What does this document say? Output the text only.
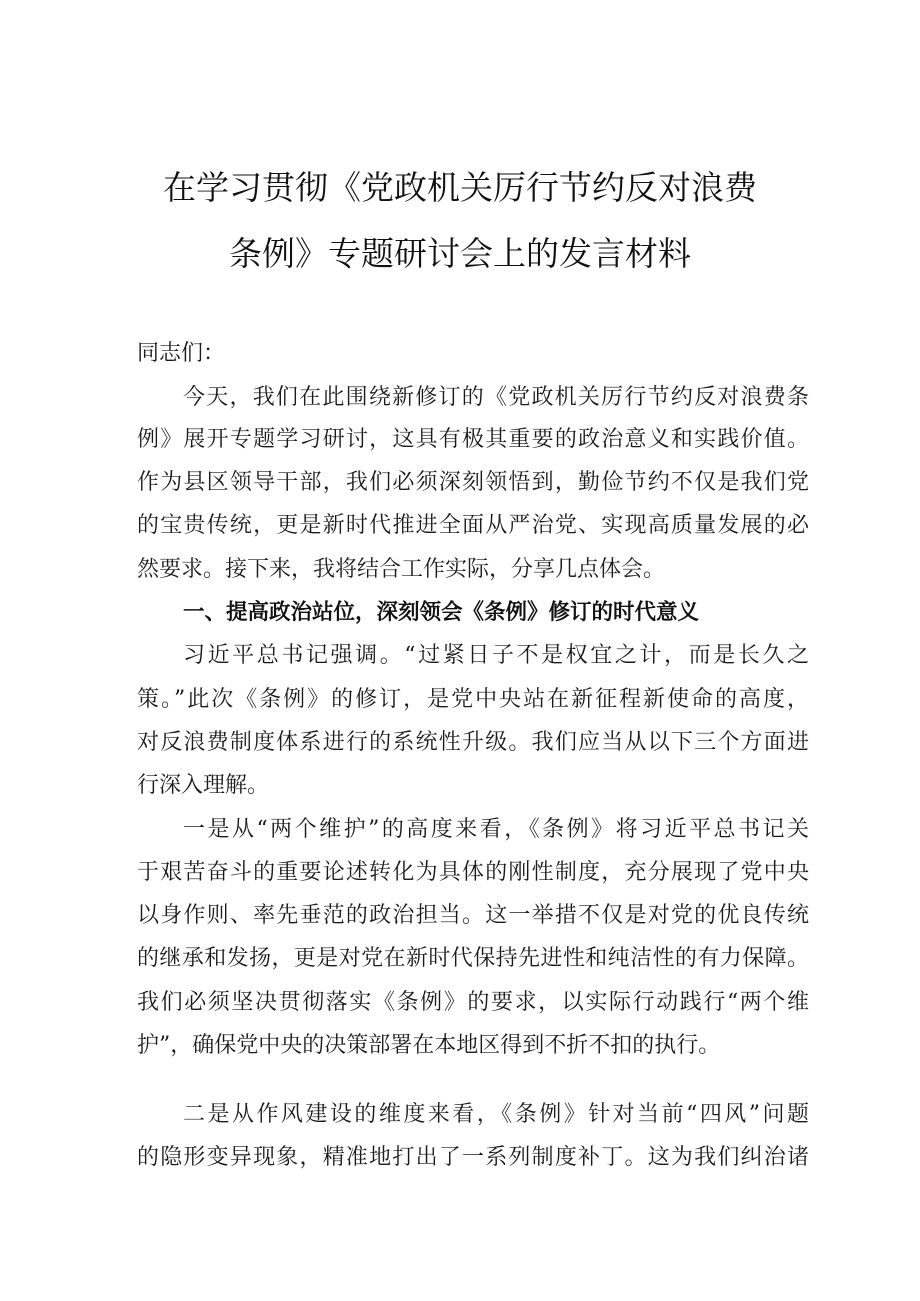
在学习贯彻《党政机关厉行节约反对浪费
条例》专题研讨会上的发言材料
同志们：
今天，我们在此围绕新修订的《党政机关厉行节约反对浪费条
例》展开专题学习研讨，这具有极其重要的政治意义和实践价值。
作为县区领导干部，我们必须深刻领悟到，勤俭节约不仅是我们党
的宝贵传统，更是新时代推进全面从严治党、实现高质量发展的必
然要求。接下来，我将结合工作实际，分享几点体会。
一、提高政治站位，深刻领会《条例》修订的时代意义
习近平总书记强调。“过紧日子不是权宜之计，而是长久之
策。”此次《条例》的修订，是党中央站在新征程新使命的高度，
对反浪费制度体系进行的系统性升级。我们应当从以下三个方面进
行深入理解。
一是从“两个维护”的高度来看，《条例》将习近平总书记关
于艰苦奋斗的重要论述转化为具体的刚性制度，充分展现了党中央
以身作则、率先垂范的政治担当。这一举措不仅是对党的优良传统
的继承和发扬，更是对党在新时代保持先进性和纯洁性的有力保障。
我们必须坚决贯彻落实《条例》的要求，以实际行动践行“两个维
护”，确保党中央的决策部署在本地区得到不折不扣的执行。
二是从作风建设的维度来看，《条例》针对当前“四风”问题
的隐形变异现象，精准地打出了一系列制度补丁。这为我们纠治诸
